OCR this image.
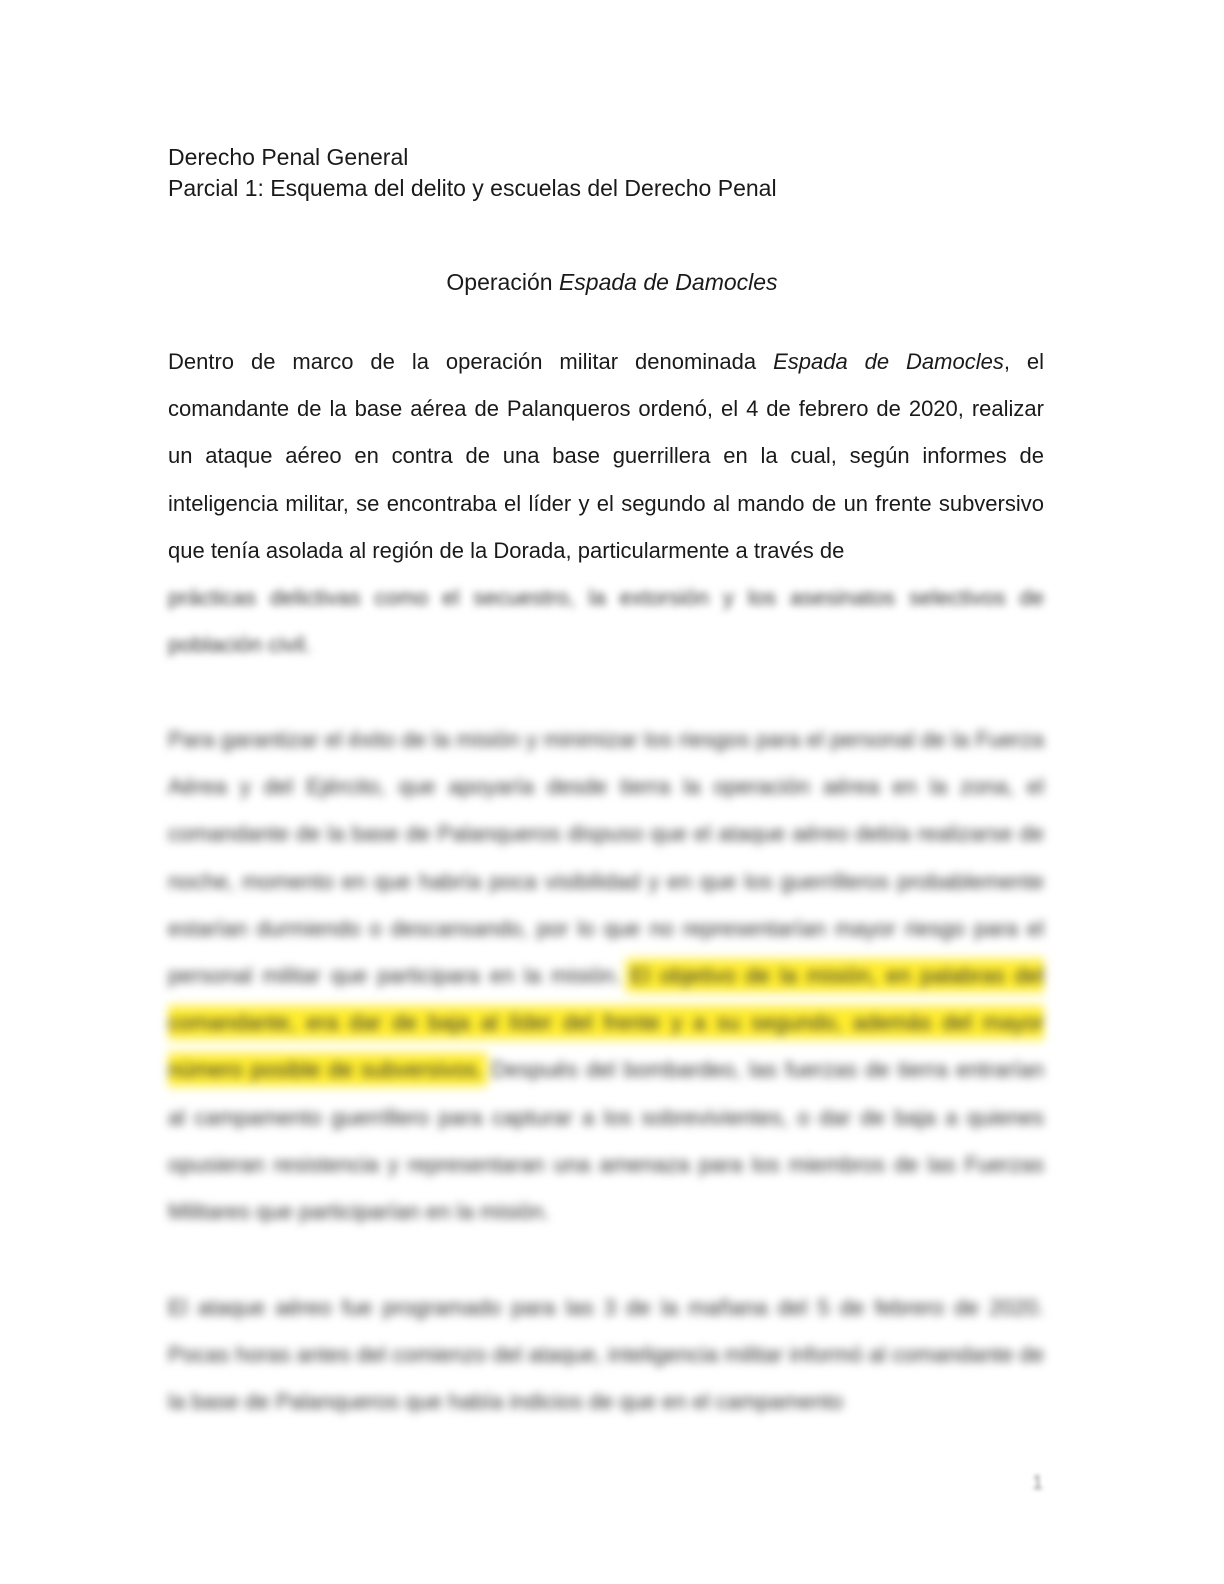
Derecho Penal General
Parcial 1: Esquema del delito y escuelas del Derecho Penal
Operación Espada de Damocles

Dentro de marco de la operación militar denominada Espada de Damocles, el comandante de la base aérea de Palanqueros ordenó, el 4 de febrero de 2020, realizar un ataque aéreo en contra de una base guerrillera en la cual, según informes de inteligencia militar, se encontraba el líder y el segundo al mando de un frente subversivo que tenía asolada al región de la Dorada, particularmente a través de

prácticas delictivas como el secuestro, la extorsión y los asesinatos selectivos de población civil.

Para garantizar el éxito de la misión y minimizar los riesgos para el personal de la Fuerza Aérea y del Ejército, que apoyaría desde tierra la operación aérea en la zona, el comandante de la base de Palanqueros dispuso que el ataque aéreo debía realizarse de noche, momento en que habría poca visibilidad y en que los guerrilleros probablemente estarían durmiendo o descansando, por lo que no representarían mayor riesgo para el personal militar que participara en la misión. El objetivo de la misión, en palabras del comandante, era dar de baja al líder del frente y a su segundo, además del mayor número posible de subversivos. Después del bombardeo, las fuerzas de tierra entrarían al campamento guerrillero para capturar a los sobrevivientes, o dar de baja a quienes opusieran resistencia y representaran una amenaza para los miembros de las Fuerzas Militares que participarían en la misión.

El ataque aéreo fue programado para las 3 de la mañana del 5 de febrero de 2020. Pocas horas antes del comienzo del ataque, inteligencia militar informó al comandante de la base de Palanqueros que había indicios de que en el campamento

1
